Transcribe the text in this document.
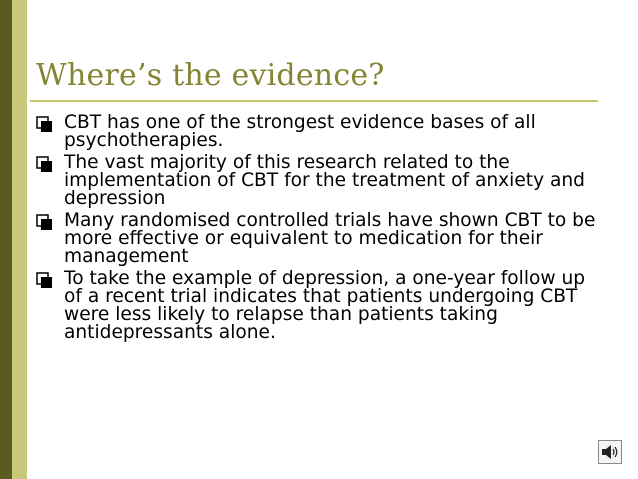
Where’s the evidence?
CBT has one of the strongest evidence bases of all psychotherapies.
The vast majority of this research related to the implementation of CBT for the treatment of anxiety and depression
Many randomised controlled trials have shown CBT to be more effective or equivalent to medication for their management
To take the example of depression, a one-year follow up of a recent trial indicates that patients undergoing CBT were less likely to relapse than patients taking antidepressants alone.
